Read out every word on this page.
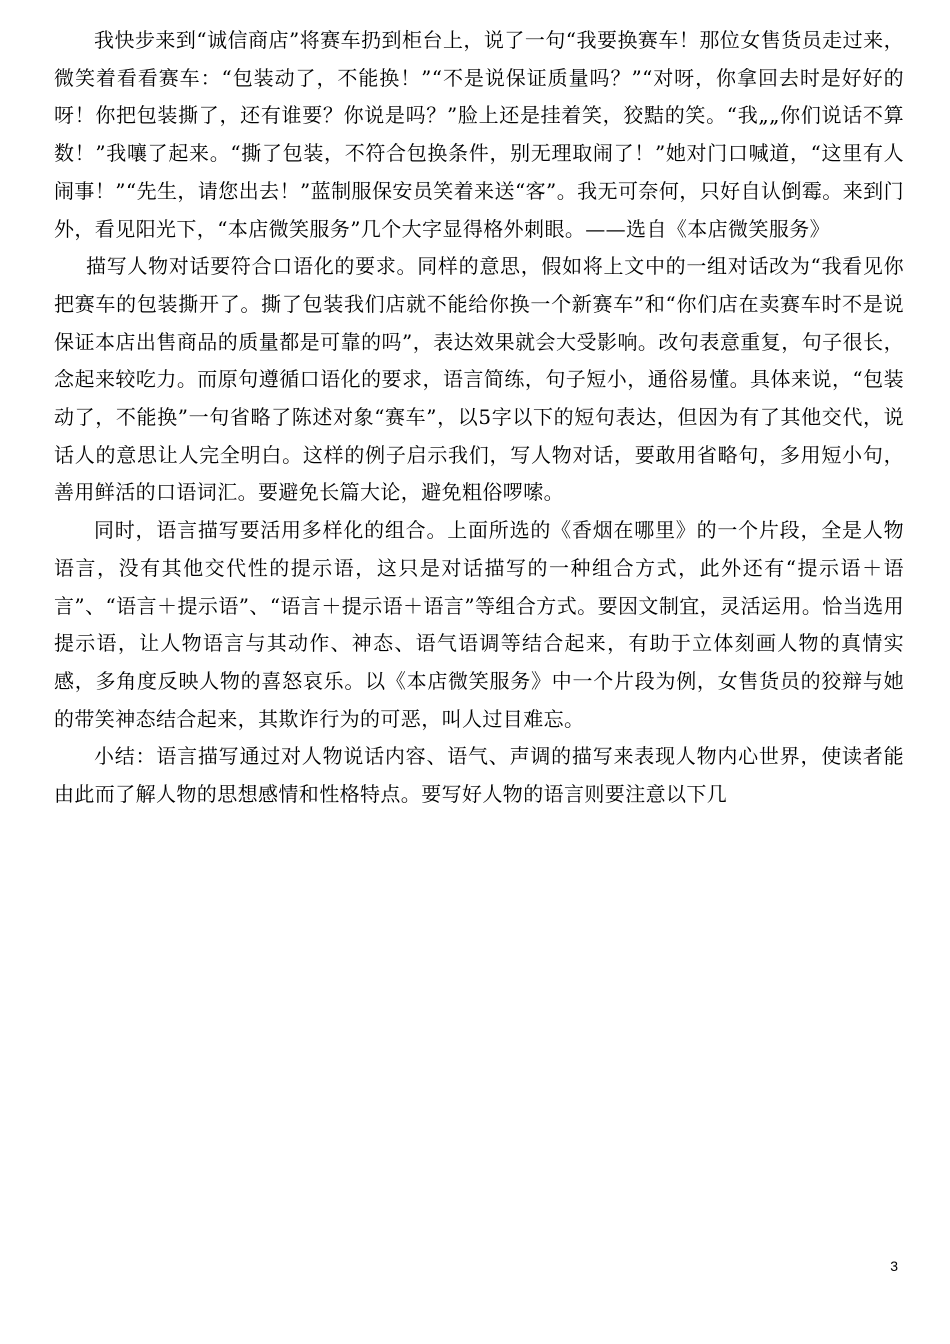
我快步来到“诚信商店”将赛车扔到柜台上，说了一句“我要换赛车！那位女售货员走过来，微笑着看看赛车：“包装动了，不能换！”“不是说保证质量吗？”“对呀，你拿回去时是好好的呀！你把包装撕了，还有谁要？你说是吗？”脸上还是挂着笑，狡黠的笑。“我„„你们说话不算数！”我嚷了起来。“撕了包装，不符合包换条件，别无理取闹了！”她对门口喊道，“这里有人闹事！”“先生，请您出去！”蓝制服保安员笑着来送“客”。我无可奈何，只好自认倒霉。来到门外，看见阳光下，“本店微笑服务”几个大字显得格外刺眼。——选自《本店微笑服务》

描写人物对话要符合口语化的要求。同样的意思，假如将上文中的一组对话改为“我看见你把赛车的包装撕开了。撕了包装我们店就不能给你换一个新赛车”和“你们店在卖赛车时不是说保证本店出售商品的质量都是可靠的吗”，表达效果就会大受影响。改句表意重复，句子很长，念起来较吃力。而原句遵循口语化的要求，语言简练，句子短小，通俗易懂。具体来说，“包装动了，不能换”一句省略了陈述对象“赛车”，以5字以下的短句表达，但因为有了其他交代，说话人的意思让人完全明白。这样的例子启示我们，写人物对话，要敢用省略句，多用短小句，善用鲜活的口语词汇。要避免长篇大论，避免粗俗啰嗦。

同时，语言描写要活用多样化的组合。上面所选的《香烟在哪里》的一个片段，全是人物语言，没有其他交代性的提示语，这只是对话描写的一种组合方式，此外还有“提示语＋语言”、“语言＋提示语”、“语言＋提示语＋语言”等组合方式。要因文制宜，灵活运用。恰当选用提示语，让人物语言与其动作、神态、语气语调等结合起来，有助于立体刻画人物的真情实感，多角度反映人物的喜怒哀乐。以《本店微笑服务》中一个片段为例，女售货员的狡辩与她的带笑神态结合起来，其欺诈行为的可恶，叫人过目难忘。

小结：语言描写通过对人物说话内容、语气、声调的描写来表现人物内心世界，使读者能由此而了解人物的思想感情和性格特点。要写好人物的语言则要注意以下几

3
